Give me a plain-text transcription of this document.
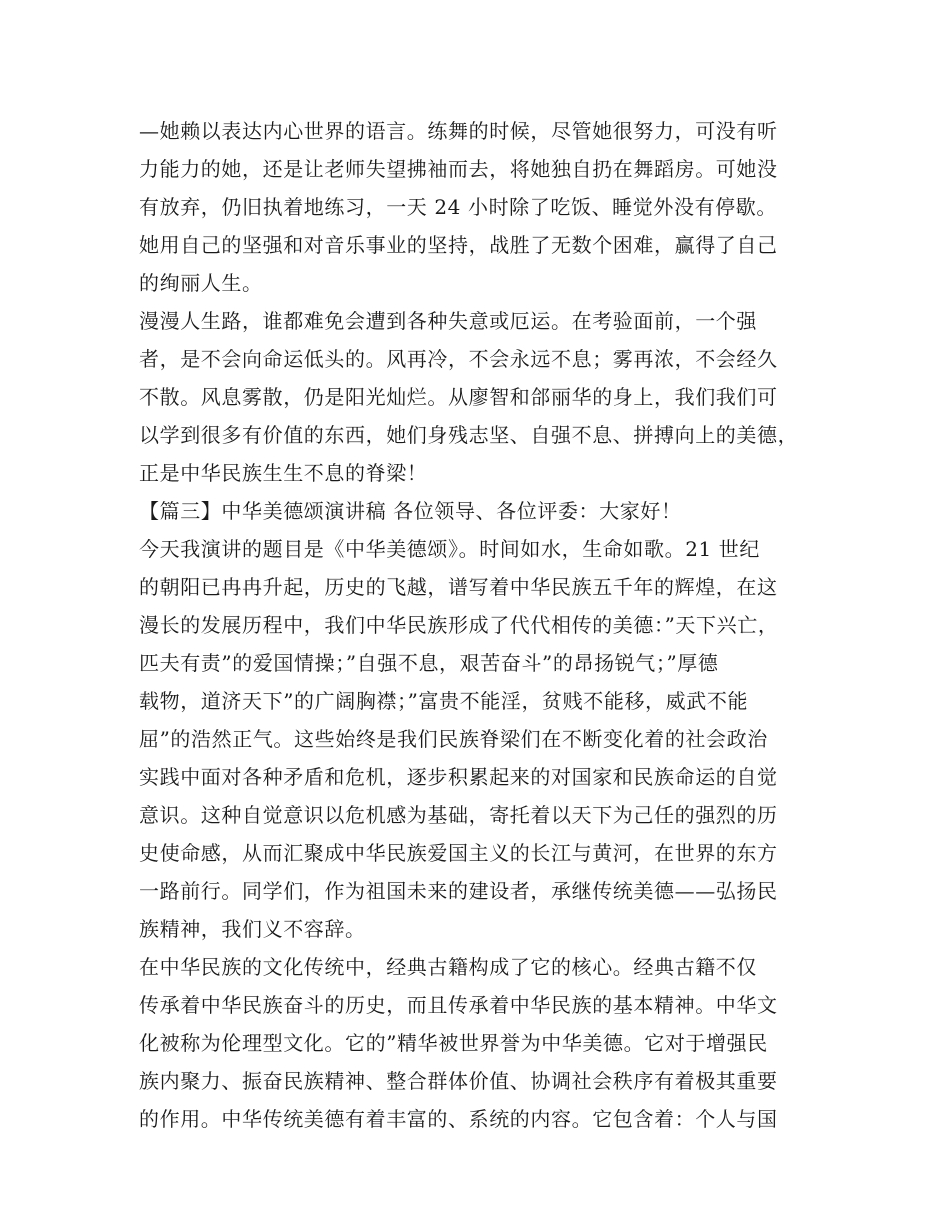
—她赖以表达内心世界的语言。练舞的时候，尽管她很努力，可没有听
力能力的她，还是让老师失望拂袖而去，将她独自扔在舞蹈房。可她没
有放弃，仍旧执着地练习，一天 24 小时除了吃饭、睡觉外没有停歇。
她用自己的坚强和对音乐事业的坚持，战胜了无数个困难，赢得了自己
的绚丽人生。
漫漫人生路，谁都难免会遭到各种失意或厄运。在考验面前，一个强
者，是不会向命运低头的。风再冷，不会永远不息；雾再浓，不会经久
不散。风息雾散，仍是阳光灿烂。从廖智和郃丽华的身上，我们我们可
以学到很多有价值的东西，她们身残志坚、自强不息、拼搏向上的美德，
正是中华民族生生不息的脊梁！
【篇三】中华美德颂演讲稿 各位领导、各位评委：大家好！
今天我演讲的题目是《中华美德颂》。时间如水，生命如歌。21 世纪
的朝阳已冉冉升起，历史的飞越，谱写着中华民族五千年的辉煌，在这
漫长的发展历程中，我们中华民族形成了代代相传的美德：”天下兴亡，
匹夫有责”的爱国情操；”自强不息，艰苦奋斗”的昂扬锐气；”厚德
载物，道济天下”的广阔胸襟；”富贵不能淫，贫贱不能移，威武不能
屈”的浩然正气。这些始终是我们民族脊梁们在不断变化着的社会政治
实践中面对各种矛盾和危机，逐步积累起来的对国家和民族命运的自觉
意识。这种自觉意识以危机感为基础，寄托着以天下为己任的强烈的历
史使命感，从而汇聚成中华民族爱国主义的长江与黄河，在世界的东方
一路前行。同学们，作为祖国未来的建设者，承继传统美德——弘扬民
族精神，我们义不容辞。
在中华民族的文化传统中，经典古籍构成了它的核心。经典古籍不仅
传承着中华民族奋斗的历史，而且传承着中华民族的基本精神。中华文
化被称为伦理型文化。它的”精华被世界誉为中华美德。它对于增强民
族内聚力、振奋民族精神、整合群体价值、协调社会秩序有着极其重要
的作用。中华传统美德有着丰富的、系统的内容。它包含着：个人与国
